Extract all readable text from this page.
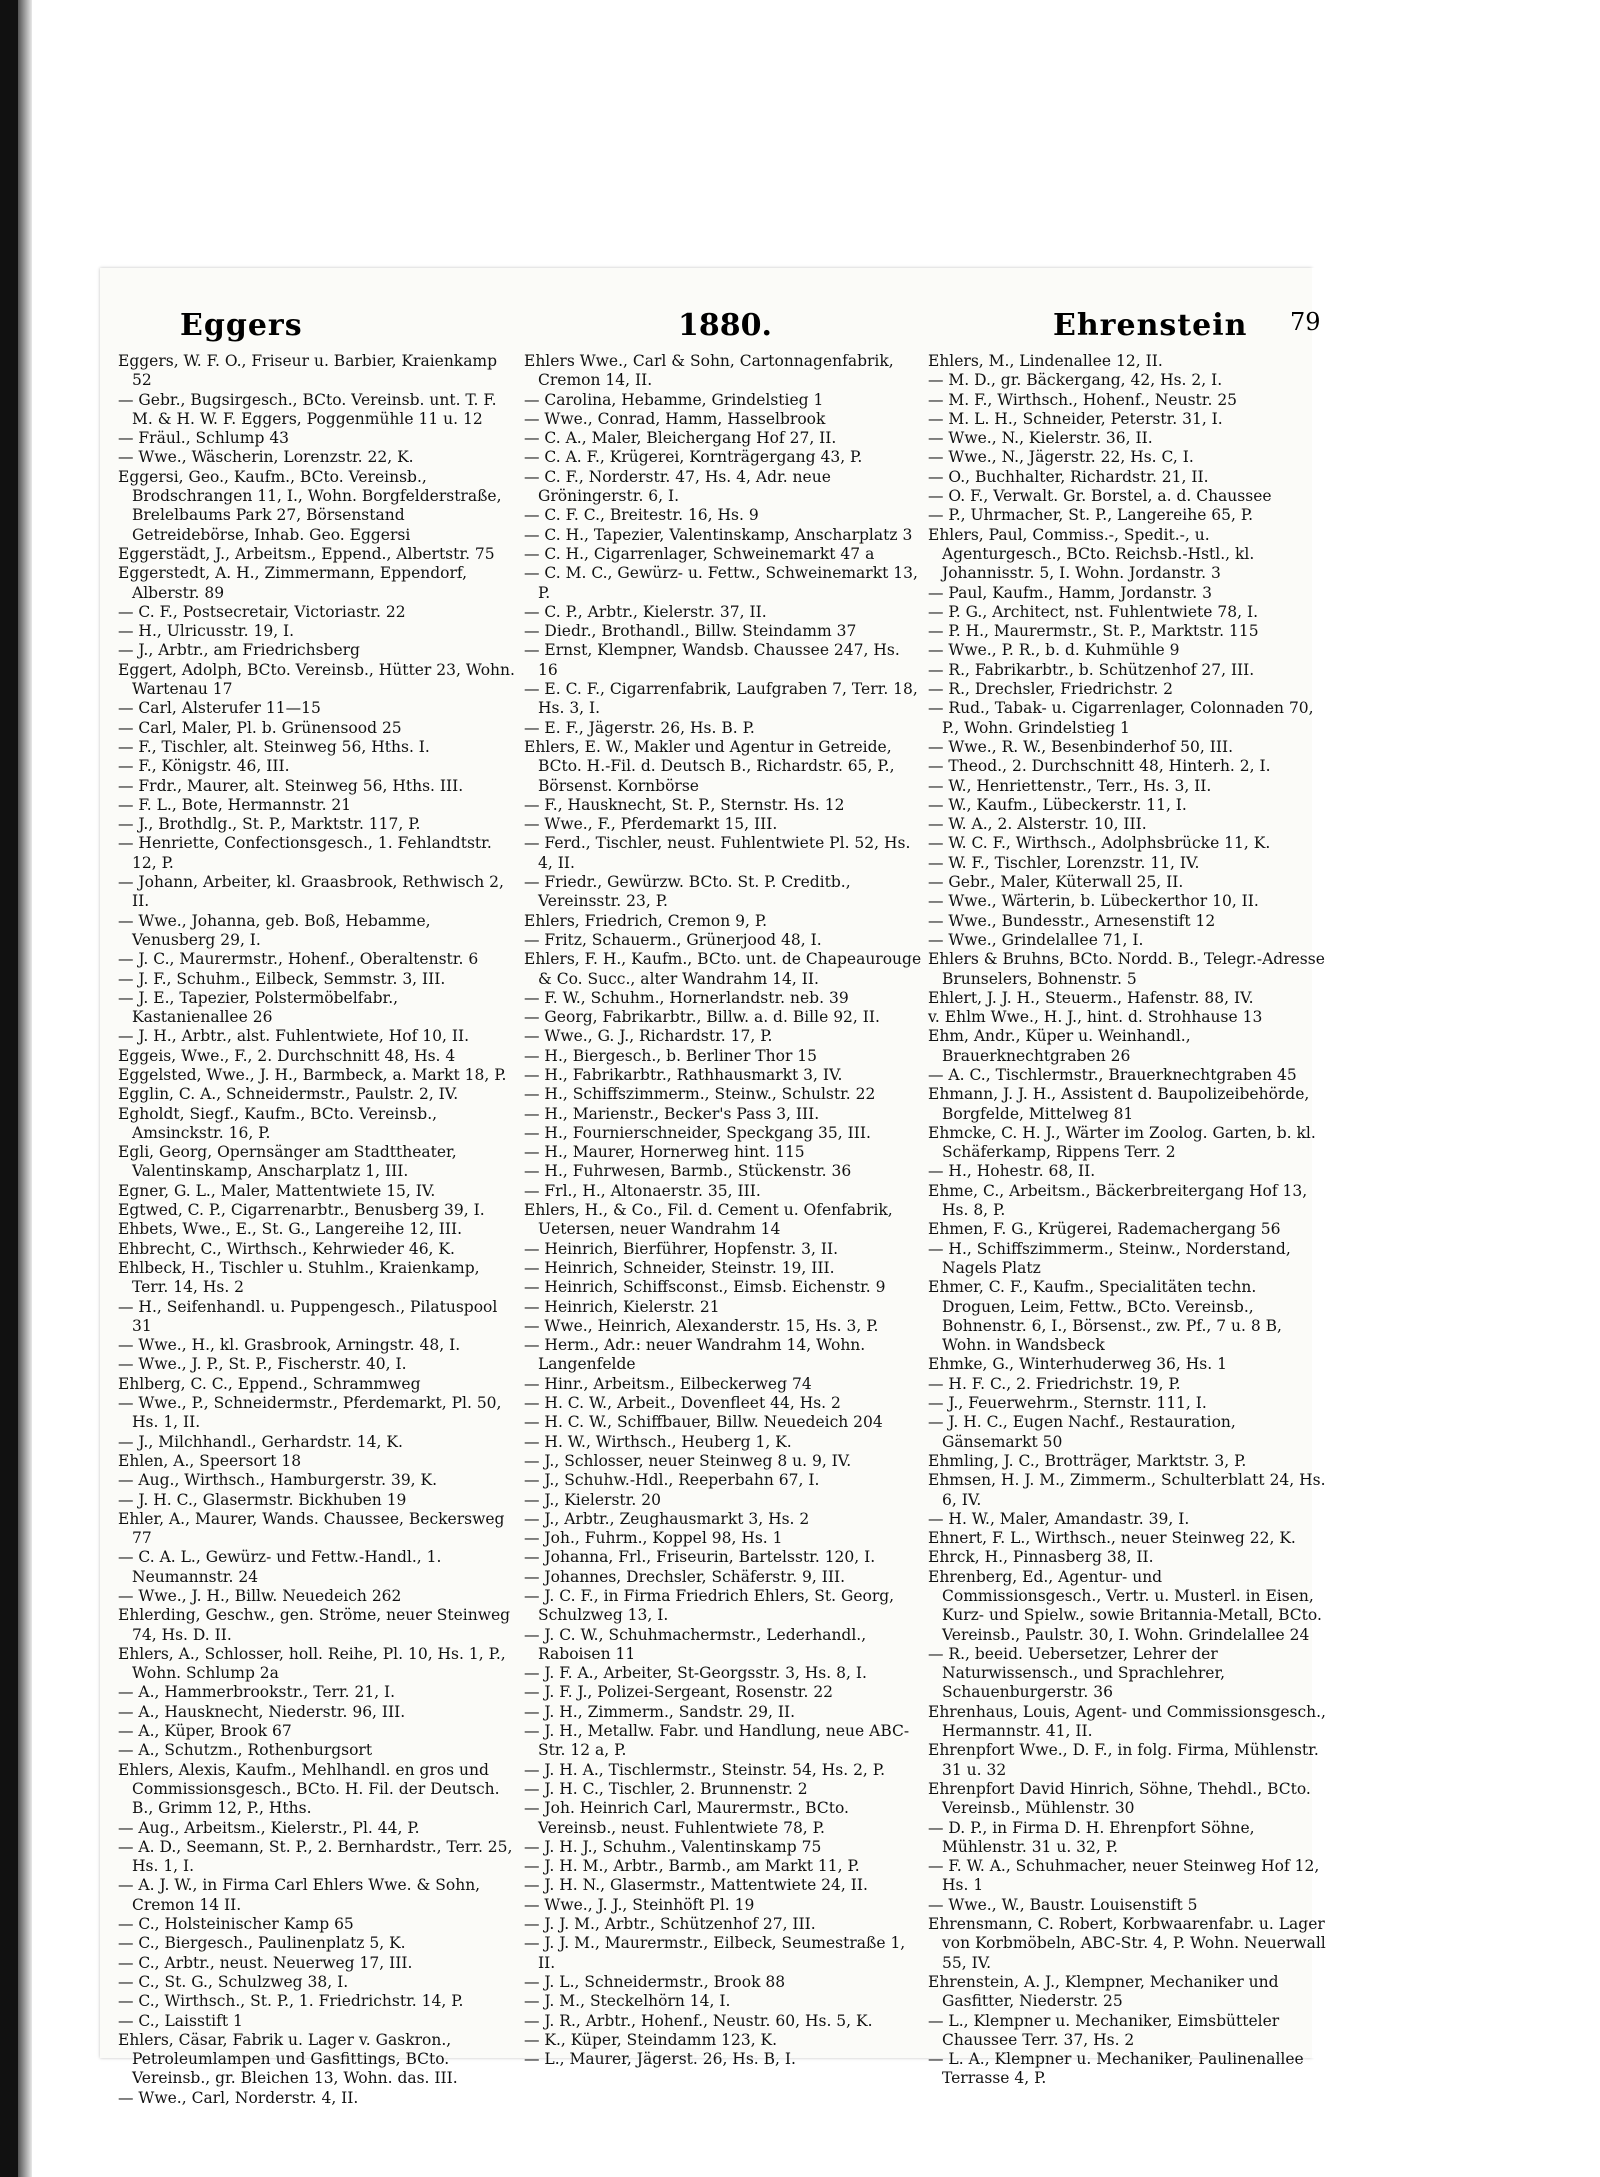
Eggers	1880.	Ehrenstein 79

Eggers, W. F. O., Friseur u. Barbier, Kraienkamp 52

— Gebr., Bugsirgesch., BCto. Vereinsb. unt. T. F. M. & H. W. F. Eggers, Poggenmühle 11 u. 12

— Fräul., Schlump 43

— Wwe., Wäscherin, Lorenzstr. 22, K.

Eggersi, Geo., Kaufm., BCto. Vereinsb., Brodschrangen 11, I., Wohn. Borgfelderstraße, Brelelbaums Park 27, Börsenstand Getreidebörse, Inhab. Geo. Eggersi

Eggerstädt, J., Arbeitsm., Eppend., Albertstr. 75

Eggerstedt, A. H., Zimmermann, Eppendorf, Alberstr. 89

— C. F., Postsecretair, Victoriastr. 22

— H., Ulricusstr. 19, I.

— J., Arbtr., am Friedrichsberg

Eggert, Adolph, BCto. Vereinsb., Hütter 23, Wohn. Wartenau 17

— Carl, Alsterufer 11—15

— Carl, Maler, Pl. b. Grünensood 25

— F., Tischler, alt. Steinweg 56, Hths. I.

— F., Königstr. 46, III.

— Frdr., Maurer, alt. Steinweg 56, Hths. III.

— F. L., Bote, Hermannstr. 21

— J., Brothdlg., St. P., Marktstr. 117, P.

— Henriette, Confectionsgesch., 1. Fehlandtstr. 12, P.

— Johann, Arbeiter, kl. Graasbrook, Rethwisch 2, II.

— Wwe., Johanna, geb. Boß, Hebamme, Venusberg 29, I.

— J. C., Maurermstr., Hohenf., Oberaltenstr. 6

— J. F., Schuhm., Eilbeck, Semmstr. 3, III.

— J. E., Tapezier, Polstermöbelfabr., Kastanienallee 26

— J. H., Arbtr., alst. Fuhlentwiete, Hof 10, II.

Eggeis, Wwe., F., 2. Durchschnitt 48, Hs. 4

Eggelsted, Wwe., J. H., Barmbeck, a. Markt 18, P.

Egglin, C. A., Schneidermstr., Paulstr. 2, IV.

Egholdt, Siegf., Kaufm., BCto. Vereinsb., Amsinckstr. 16, P.

Egli, Georg, Opernsänger am Stadttheater, Valentinskamp, Anscharplatz 1, III.

Egner, G. L., Maler, Mattentwiete 15, IV.

Egtwed, C. P., Cigarrenarbtr., Benusberg 39, I.

Ehbets, Wwe., E., St. G., Langereihe 12, III.

Ehbrecht, C., Wirthsch., Kehrwieder 46, K.

Ehlbeck, H., Tischler u. Stuhlm., Kraienkamp, Terr. 14, Hs. 2

— H., Seifenhandl. u. Puppengesch., Pilatuspool 31

— Wwe., H., kl. Grasbrook, Arningstr. 48, I.

— Wwe., J. P., St. P., Fischerstr. 40, I.

Ehlberg, C. C., Eppend., Schrammweg

— Wwe., P., Schneidermstr., Pferdemarkt, Pl. 50, Hs. 1, II.

— J., Milchhandl., Gerhardstr. 14, K.

Ehlen, A., Speersort 18

— Aug., Wirthsch., Hamburgerstr. 39, K.

— J. H. C., Glasermstr. Bickhuben 19

Ehler, A., Maurer, Wands. Chaussee, Beckersweg 77

— C. A. L., Gewürz- und Fettw.-Handl., 1. Neumannstr. 24

— Wwe., J. H., Billw. Neuedeich 262

Ehlerding, Geschw., gen. Ströme, neuer Steinweg 74, Hs. D. II.

Ehlers, A., Schlosser, holl. Reihe, Pl. 10, Hs. 1, P., Wohn. Schlump 2a

— A., Hammerbrookstr., Terr. 21, I.

— A., Hausknecht, Niederstr. 96, III.

— A., Küper, Brook 67

— A., Schutzm., Rothenburgsort

Ehlers, Alexis, Kaufm., Mehlhandl. en gros und Commissionsgesch., BCto. H. Fil. der Deutsch. B., Grimm 12, P., Hths.

— Aug., Arbeitsm., Kielerstr., Pl. 44, P.

— A. D., Seemann, St. P., 2. Bernhardstr., Terr. 25, Hs. 1, I.

— A. J. W., in Firma Carl Ehlers Wwe. & Sohn, Cremon 14 II.

— C., Holsteinischer Kamp 65

— C., Biergesch., Paulinenplatz 5, K.

— C., Arbtr., neust. Neuerweg 17, III.

— C., St. G., Schulzweg 38, I.

— C., Wirthsch., St. P., 1. Friedrichstr. 14, P.

— C., Laisstift 1

Ehlers, Cäsar, Fabrik u. Lager v. Gaskron., Petroleumlampen und Gasfittings, BCto. Vereinsb., gr. Bleichen 13, Wohn. das. III.

— Wwe., Carl, Norderstr. 4, II.

Ehlers Wwe., Carl & Sohn, Cartonnagenfabrik, Cremon 14, II.

— Carolina, Hebamme, Grindelstieg 1

— Wwe., Conrad, Hamm, Hasselbrook

— C. A., Maler, Bleichergang Hof 27, II.

— C. A. F., Krügerei, Kornträgergang 43, P.

— C. F., Norderstr. 47, Hs. 4, Adr. neue Gröningerstr. 6, I.

— C. F. C., Breitestr. 16, Hs. 9

— C. H., Tapezier, Valentinskamp, Anscharplatz 3

— C. H., Cigarrenlager, Schweinemarkt 47 a

— C. M. C., Gewürz- u. Fettw., Schweinemarkt 13, P.

— C. P., Arbtr., Kielerstr. 37, II.

— Diedr., Brothandl., Billw. Steindamm 37

— Ernst, Klempner, Wandsb. Chaussee 247, Hs. 16

— E. C. F., Cigarrenfabrik, Laufgraben 7, Terr. 18, Hs. 3, I.

— E. F., Jägerstr. 26, Hs. B. P.

Ehlers, E. W., Makler und Agentur in Getreide, BCto. H.-Fil. d. Deutsch B., Richardstr. 65, P., Börsenst. Kornbörse

— F., Hausknecht, St. P., Sternstr. Hs. 12

— Wwe., F., Pferdemarkt 15, III.

— Ferd., Tischler, neust. Fuhlentwiete Pl. 52, Hs. 4, II.

— Friedr., Gewürzw. BCto. St. P. Creditb., Vereinsstr. 23, P.

Ehlers, Friedrich, Cremon 9, P.

— Fritz, Schauerm., Grünerjood 48, I.

Ehlers, F. H., Kaufm., BCto. unt. de Chapeaurouge & Co. Succ., alter Wandrahm 14, II.

— F. W., Schuhm., Hornerlandstr. neb. 39

— Georg, Fabrikarbtr., Billw. a. d. Bille 92, II.

— Wwe., G. J., Richardstr. 17, P.

— H., Biergesch., b. Berliner Thor 15

— H., Fabrikarbtr., Rathhausmarkt 3, IV.

— H., Schiffszimmerm., Steinw., Schulstr. 22

— H., Marienstr., Becker's Pass 3, III.

— H., Fournierschneider, Speckgang 35, III.

— H., Maurer, Hornerweg hint. 115

— H., Fuhrwesen, Barmb., Stückenstr. 36

— Frl., H., Altonaerstr. 35, III.

Ehlers, H., & Co., Fil. d. Cement u. Ofenfabrik, Uetersen, neuer Wandrahm 14

— Heinrich, Bierführer, Hopfenstr. 3, II.

— Heinrich, Schneider, Steinstr. 19, III.

— Heinrich, Schiffsconst., Eimsb. Eichenstr. 9

— Heinrich, Kielerstr. 21

— Wwe., Heinrich, Alexanderstr. 15, Hs. 3, P.

— Herm., Adr.: neuer Wandrahm 14, Wohn. Langenfelde

— Hinr., Arbeitsm., Eilbeckerweg 74

— H. C. W., Arbeit., Dovenfleet 44, Hs. 2

— H. C. W., Schiffbauer, Billw. Neuedeich 204

— H. W., Wirthsch., Heuberg 1, K.

— J., Schlosser, neuer Steinweg 8 u. 9, IV.

— J., Schuhw.-Hdl., Reeperbahn 67, I.

— J., Kielerstr. 20

— J., Arbtr., Zeughausmarkt 3, Hs. 2

— Joh., Fuhrm., Koppel 98, Hs. 1

— Johanna, Frl., Friseurin, Bartelsstr. 120, I.

— Johannes, Drechsler, Schäferstr. 9, III.

— J. C. F., in Firma Friedrich Ehlers, St. Georg, Schulzweg 13, I.

— J. C. W., Schuhmachermstr., Lederhandl., Raboisen 11

— J. F. A., Arbeiter, St-Georgsstr. 3, Hs. 8, I.

— J. F. J., Polizei-Sergeant, Rosenstr. 22

— J. H., Zimmerm., Sandstr. 29, II.

— J. H., Metallw. Fabr. und Handlung, neue ABC-Str. 12 a, P.

— J. H. A., Tischlermstr., Steinstr. 54, Hs. 2, P.

— J. H. C., Tischler, 2. Brunnenstr. 2

— Joh. Heinrich Carl, Maurermstr., BCto. Vereinsb., neust. Fuhlentwiete 78, P.

— J. H. J., Schuhm., Valentinskamp 75

— J. H. M., Arbtr., Barmb., am Markt 11, P.

— J. H. N., Glasermstr., Mattentwiete 24, II.

— Wwe., J. J., Steinhöft Pl. 19

— J. J. M., Arbtr., Schützenhof 27, III.

— J. J. M., Maurermstr., Eilbeck, Seumestraße 1, II.

— J. L., Schneidermstr., Brook 88

— J. M., Steckelhörn 14, I.

— J. R., Arbtr., Hohenf., Neustr. 60, Hs. 5, K.

— K., Küper, Steindamm 123, K.

— L., Maurer, Jägerst. 26, Hs. B, I.

Ehlers, M., Lindenallee 12, II.

— M. D., gr. Bäckergang, 42, Hs. 2, I.

— M. F., Wirthsch., Hohenf., Neustr. 25

— M. L. H., Schneider, Peterstr. 31, I.

— Wwe., N., Kielerstr. 36, II.

— Wwe., N., Jägerstr. 22, Hs. C, I.

— O., Buchhalter, Richardstr. 21, II.

— O. F., Verwalt. Gr. Borstel, a. d. Chaussee

— P., Uhrmacher, St. P., Langereihe 65, P.

Ehlers, Paul, Commiss.-, Spedit.-, u. Agenturgesch., BCto. Reichsb.-Hstl., kl. Johannisstr. 5, I. Wohn. Jordanstr. 3

— Paul, Kaufm., Hamm, Jordanstr. 3

— P. G., Architect, nst. Fuhlentwiete 78, I.

— P. H., Maurermstr., St. P., Marktstr. 115

— Wwe., P. R., b. d. Kuhmühle 9

— R., Fabrikarbtr., b. Schützenhof 27, III.

— R., Drechsler, Friedrichstr. 2

— Rud., Tabak- u. Cigarrenlager, Colonnaden 70, P., Wohn. Grindelstieg 1

— Wwe., R. W., Besenbinderhof 50, III.

— Theod., 2. Durchschnitt 48, Hinterh. 2, I.

— W., Henriettenstr., Terr., Hs. 3, II.

— W., Kaufm., Lübeckerstr. 11, I.

— W. A., 2. Alsterstr. 10, III.

— W. C. F., Wirthsch., Adolphsbrücke 11, K.

— W. F., Tischler, Lorenzstr. 11, IV.

— Gebr., Maler, Küterwall 25, II.

— Wwe., Wärterin, b. Lübeckerthor 10, II.

— Wwe., Bundesstr., Arnesenstift 12

— Wwe., Grindelallee 71, I.

Ehlers & Bruhns, BCto. Nordd. B., Telegr.-Adresse Brunselers, Bohnenstr. 5

Ehlert, J. J. H., Steuerm., Hafenstr. 88, IV.

v. Ehlm Wwe., H. J., hint. d. Strohhause 13

Ehm, Andr., Küper u. Weinhandl., Brauerknechtgraben 26

— A. C., Tischlermstr., Brauerknechtgraben 45

Ehmann, J. J. H., Assistent d. Baupolizeibehörde, Borgfelde, Mittelweg 81

Ehmcke, C. H. J., Wärter im Zoolog. Garten, b. kl. Schäferkamp, Rippens Terr. 2

— H., Hohestr. 68, II.

Ehme, C., Arbeitsm., Bäckerbreitergang Hof 13, Hs. 8, P.

Ehmen, F. G., Krügerei, Rademachergang 56

— H., Schiffszimmerm., Steinw., Norderstand, Nagels Platz

Ehmer, C. F., Kaufm., Specialitäten techn. Droguen, Leim, Fettw., BCto. Vereinsb., Bohnenstr. 6, I., Börsenst., zw. Pf., 7 u. 8 B, Wohn. in Wandsbeck

Ehmke, G., Winterhuderweg 36, Hs. 1

— H. F. C., 2. Friedrichstr. 19, P.

— J., Feuerwehrm., Sternstr. 111, I.

— J. H. C., Eugen Nachf., Restauration, Gänsemarkt 50

Ehmling, J. C., Brotträger, Marktstr. 3, P.

Ehmsen, H. J. M., Zimmerm., Schulterblatt 24, Hs. 6, IV.

— H. W., Maler, Amandastr. 39, I.

Ehnert, F. L., Wirthsch., neuer Steinweg 22, K.

Ehrck, H., Pinnasberg 38, II.

Ehrenberg, Ed., Agentur- und Commissionsgesch., Vertr. u. Musterl. in Eisen, Kurz- und Spielw., sowie Britannia-Metall, BCto. Vereinsb., Paulstr. 30, I. Wohn. Grindelallee 24

— R., beeid. Uebersetzer, Lehrer der Naturwissensch., und Sprachlehrer, Schauenburgerstr. 36

Ehrenhaus, Louis, Agent- und Commissionsgesch., Hermannstr. 41, II.

Ehrenpfort Wwe., D. F., in folg. Firma, Mühlenstr. 31 u. 32

Ehrenpfort David Hinrich, Söhne, Thehdl., BCto. Vereinsb., Mühlenstr. 30

— D. P., in Firma D. H. Ehrenpfort Söhne, Mühlenstr. 31 u. 32, P.

— F. W. A., Schuhmacher, neuer Steinweg Hof 12, Hs. 1

— Wwe., W., Baustr. Louisenstift 5

Ehrensmann, C. Robert, Korbwaarenfabr. u. Lager von Korbmöbeln, ABC-Str. 4, P. Wohn. Neuerwall 55, IV.

Ehrenstein, A. J., Klempner, Mechaniker und Gasfitter, Niederstr. 25

— L., Klempner u. Mechaniker, Eimsbütteler Chaussee Terr. 37, Hs. 2

— L. A., Klempner u. Mechaniker, Paulinenallee Terrasse 4, P.
